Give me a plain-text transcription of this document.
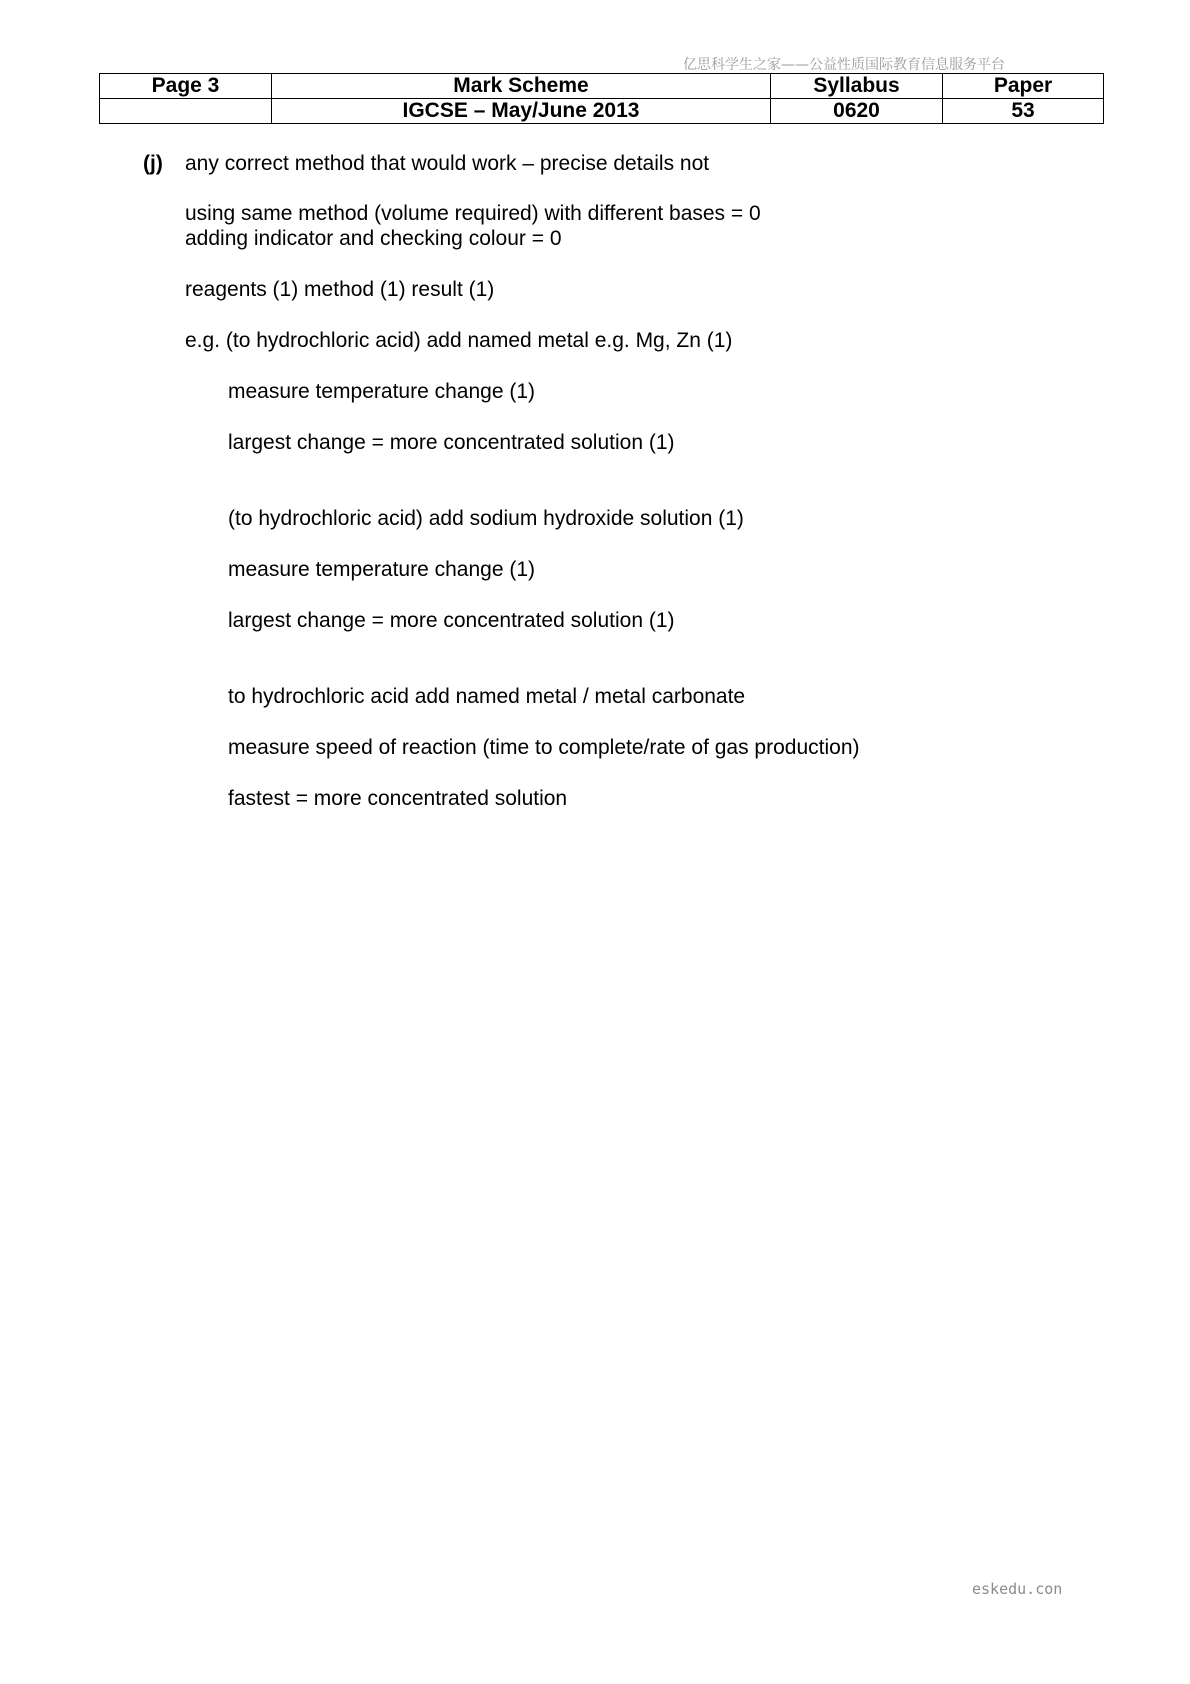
亿思科学生之家——公益性质国际教育信息服务平台
Page 3	Mark Scheme	Syllabus	Paper
	IGCSE – May/June 2013	0620	53
(j) any correct method that would work – precise details not
using same method (volume required) with different bases = 0
adding indicator and checking colour = 0
reagents (1) method (1) result (1)
e.g. (to hydrochloric acid) add named metal e.g. Mg, Zn (1)
measure temperature change (1)
largest change = more concentrated solution (1)
(to hydrochloric acid) add sodium hydroxide solution (1)
measure temperature change (1)
largest change = more concentrated solution (1)
to hydrochloric acid add named metal / metal carbonate
measure speed of reaction (time to complete/rate of gas production)
fastest = more concentrated solution
eskedu.con
